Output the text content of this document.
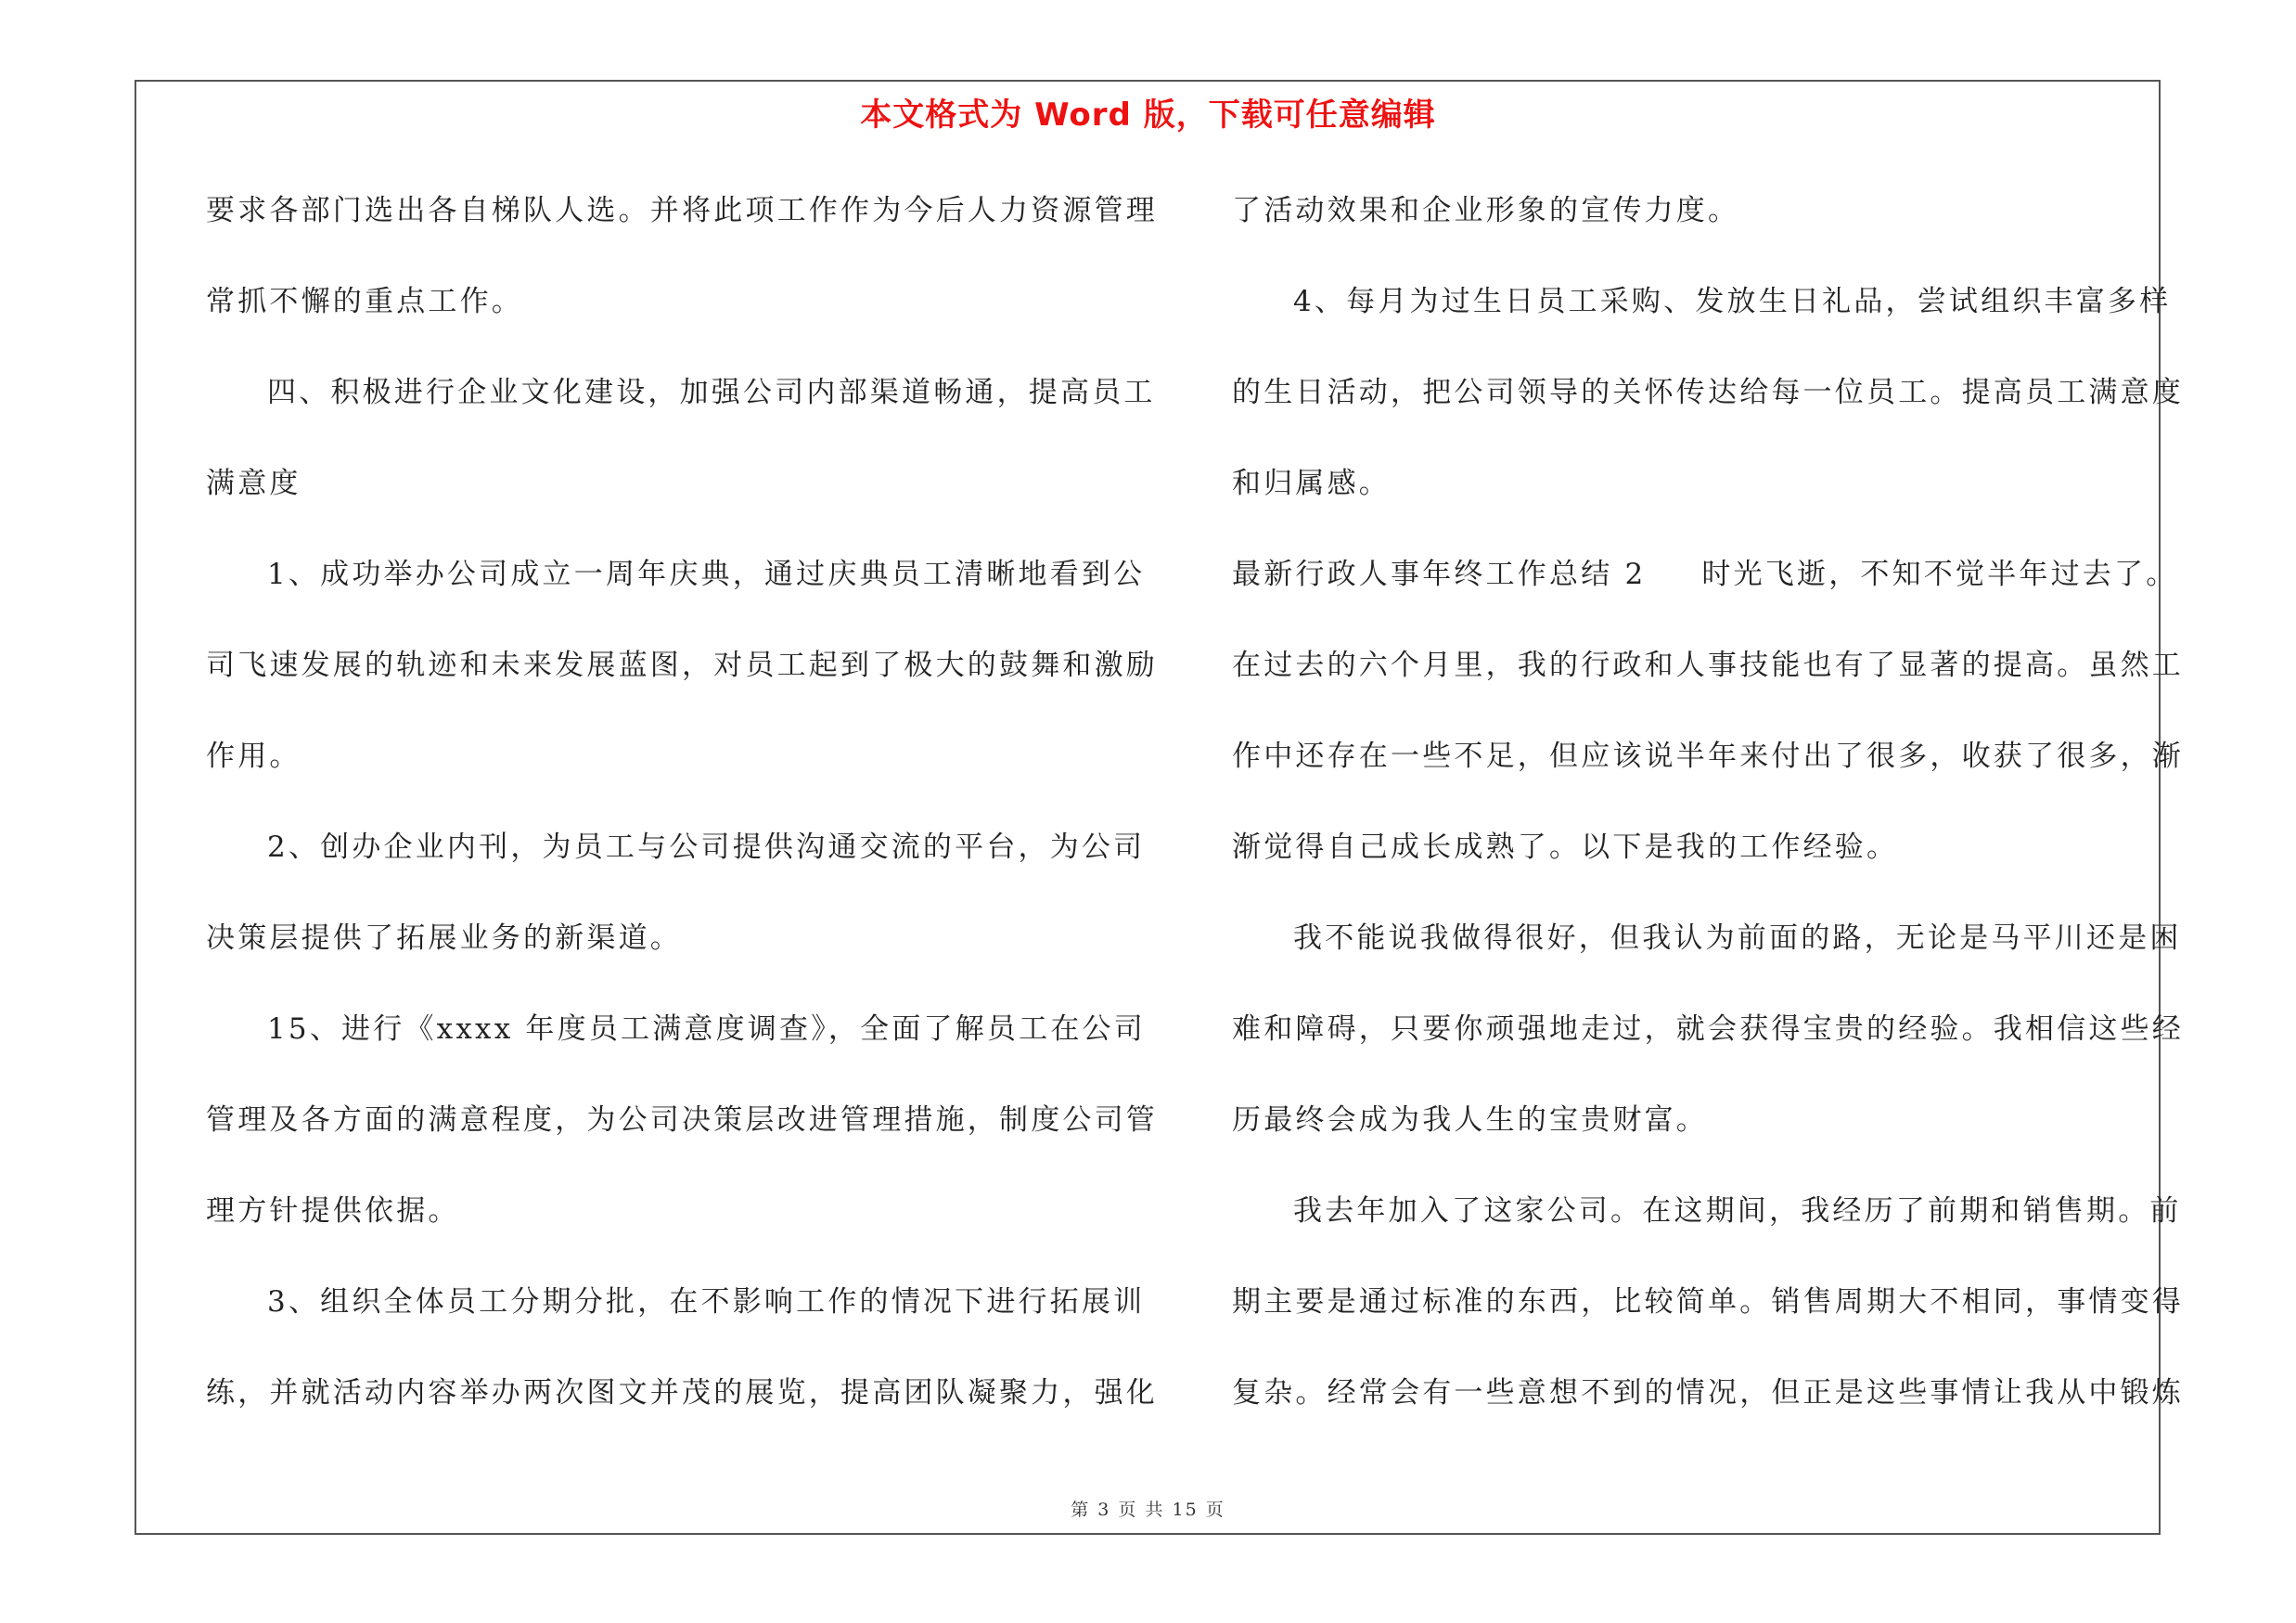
本文格式为 Word 版，下载可任意编辑
要求各部门选出各自梯队人选。并将此项工作作为今后人力资源管理
常抓不懈的重点工作。
四、积极进行企业文化建设，加强公司内部渠道畅通，提高员工
满意度
1、成功举办公司成立一周年庆典，通过庆典员工清晰地看到公
司飞速发展的轨迹和未来发展蓝图，对员工起到了极大的鼓舞和激励
作用。
2、创办企业内刊，为员工与公司提供沟通交流的平台，为公司
决策层提供了拓展业务的新渠道。
15、进行《xxxx 年度员工满意度调查》，全面了解员工在公司
管理及各方面的满意程度，为公司决策层改进管理措施，制度公司管
理方针提供依据。
3、组织全体员工分期分批，在不影响工作的情况下进行拓展训
练，并就活动内容举办两次图文并茂的展览，提高团队凝聚力，强化
了活动效果和企业形象的宣传力度。
4、每月为过生日员工采购、发放生日礼品，尝试组织丰富多样
的生日活动，把公司领导的关怀传达给每一位员工。提高员工满意度
和归属感。
最新行政人事年终工作总结 2 时光飞逝，不知不觉半年过去了。
在过去的六个月里，我的行政和人事技能也有了显著的提高。虽然工
作中还存在一些不足，但应该说半年来付出了很多，收获了很多，渐
渐觉得自己成长成熟了。以下是我的工作经验。
我不能说我做得很好，但我认为前面的路，无论是马平川还是困
难和障碍，只要你顽强地走过，就会获得宝贵的经验。我相信这些经
历最终会成为我人生的宝贵财富。
我去年加入了这家公司。在这期间，我经历了前期和销售期。前
期主要是通过标准的东西，比较简单。销售周期大不相同，事情变得
复杂。经常会有一些意想不到的情况，但正是这些事情让我从中锻炼
第 3 页 共 15 页
